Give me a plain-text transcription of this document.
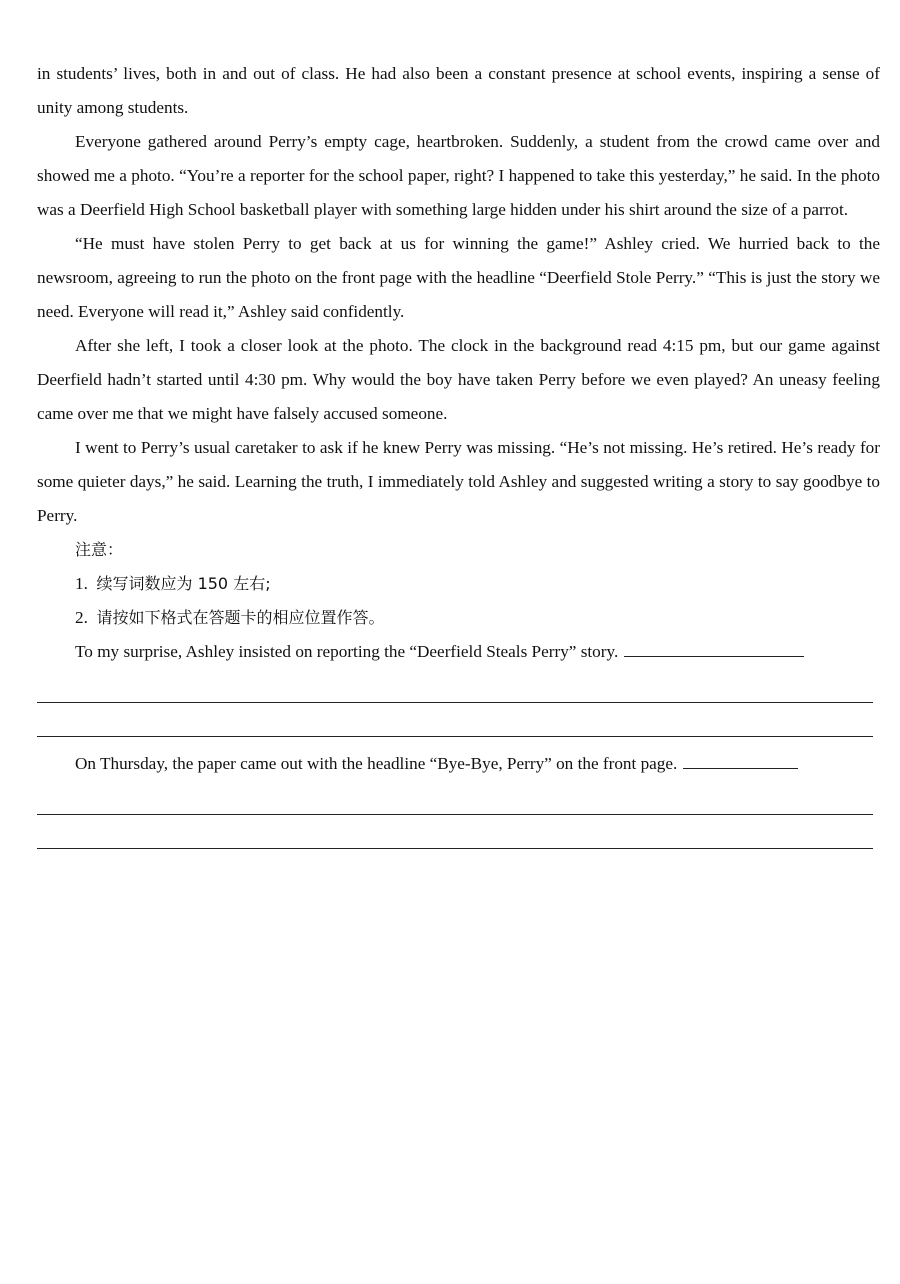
in students’ lives, both in and out of class. He had also been a constant presence at school events, inspiring a sense of unity among students.

Everyone gathered around Perry’s empty cage, heartbroken. Suddenly, a student from the crowd came over and showed me a photo. “You’re a reporter for the school paper, right? I happened to take this yesterday,” he said. In the photo was a Deerfield High School basketball player with something large hidden under his shirt around the size of a parrot.

“He must have stolen Perry to get back at us for winning the game!” Ashley cried. We hurried back to the newsroom, agreeing to run the photo on the front page with the headline “Deerfield Stole Perry.” “This is just the story we need. Everyone will read it,” Ashley said confidently.

After she left, I took a closer look at the photo. The clock in the background read 4:15 pm, but our game against Deerfield hadn’t started until 4:30 pm. Why would the boy have taken Perry before we even played? An uneasy feeling came over me that we might have falsely accused someone.

I went to Perry’s usual caretaker to ask if he knew Perry was missing. “He’s not missing. He’s retired. He’s ready for some quieter days,” he said. Learning the truth, I immediately told Ashley and suggested writing a story to say goodbye to Perry.

注意：

1. 续写词数应为 150 左右;

2. 请按如下格式在答题卡的相应位置作答。

To my surprise, Ashley insisted on reporting the “Deerfield Steals Perry” story.

On Thursday, the paper came out with the headline “Bye-Bye, Perry” on the front page.
